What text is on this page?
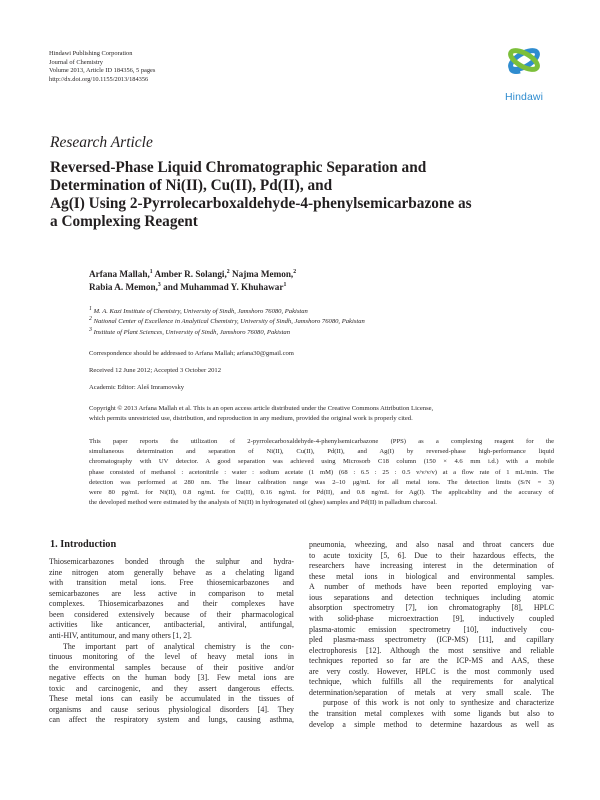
Hindawi Publishing Corporation
Journal of Chemistry
Volume 2013, Article ID 184356, 5 pages
http://dx.doi.org/10.1155/2013/184356
Hindawi
Research Article
Reversed-Phase Liquid Chromatographic Separation and
Determination of Ni(II), Cu(II), Pd(II), and
Ag(I) Using 2-Pyrrolecarboxaldehyde-4-phenylsemicarbazone as
a Complexing Reagent
Arfana Mallah,$^1$ Amber R. Solangi,$^2$ Najma Memon,$^2$
Rabia A. Memon,$^3$ and Muhammad Y. Khuhawar$^1$
$^1$ M. A. Kazi Institute of Chemistry, University of Sindh, Jamshoro 76080, Pakistan
$^2$ National Center of Excellence in Analytical Chemistry, University of Sindh, Jamshoro 76080, Pakistan
$^3$ Institute of Plant Sciences, University of Sindh, Jamshoro 76080, Pakistan
Correspondence should be addressed to Arfana Mallah; arfana30@gmail.com
Received 12 June 2012; Accepted 3 October 2012
Academic Editor: Aleš Imramovsky
Copyright © 2013 Arfana Mallah et al. This is an open access article distributed under the Creative Commons Attribution License,
which permits unrestricted use, distribution, and reproduction in any medium, provided the original work is properly cited.
This paper reports the utilization of 2-pyrrolecarboxaldehyde-4-phenylsemicarbazone (PPS) as a complexing reagent for the
simultaneous determination and separation of Ni(II), Cu(II), Pd(II), and Ag(I) by reversed-phase high-performance liquid
chromatography with UV detector. A good separation was achieved using Microsorb C18 column (150 × 4.6 mm i.d.) with a mobile
phase consisted of methanol : acetonitrile : water : sodium acetate (1 mM) (68 : 6.5 : 25 : 0.5 v/v/v/v) at a flow rate of 1 mL/min. The
detection was performed at 280 nm. The linear calibration range was 2–10 μg/mL for all metal ions. The detection limits (S/N = 3)
were 80 pg/mL for Ni(II), 0.8 ng/mL for Cu(II), 0.16 ng/mL for Pd(II), and 0.8 ng/mL for Ag(I). The applicability and the accuracy of
the developed method were estimated by the analysis of Ni(II) in hydrogenated oil (ghee) samples and Pd(II) in palladium charcoal.
1. Introduction
Thiosemicarbazones bonded through the sulphur and hydra-
zine nitrogen atom generally behave as a chelating ligand
with transition metal ions. Free thiosemicarbazones and
semicarbazones are less active in comparison to metal
complexes. Thiosemicarbazones and their complexes have
been considered extensively because of their pharmacological
activities like anticancer, antibacterial, antiviral, antifungal,
anti-HIV, antitumour, and many others [1, 2].
The important part of analytical chemistry is the con-
tinuous monitoring of the level of heavy metal ions in
the environmental samples because of their positive and/or
negative effects on the human body [3]. Few metal ions are
toxic and carcinogenic, and they assert dangerous effects.
These metal ions can easily be accumulated in the tissues of
organisms and cause serious physiological disorders [4]. They
can affect the respiratory system and lungs, causing asthma,
pneumonia, wheezing, and also nasal and throat cancers due
to acute toxicity [5, 6]. Due to their hazardous effects, the
researchers have increasing interest in the determination of
these metal ions in biological and environmental samples.
A number of methods have been reported employing var-
ious separations and detection techniques including atomic
absorption spectrometry [7], ion chromatography [8], HPLC
with solid-phase microextraction [9], inductively coupled
plasma-atomic emission spectrometry [10], inductively cou-
pled plasma-mass spectrometry (ICP-MS) [11], and capillary
electrophoresis [12]. Although the most sensitive and reliable
techniques reported so far are the ICP-MS and AAS, these
are very costly. However, HPLC is the most commonly used
technique, which fulfills all the requirements for analytical
determination/separation of metals at very small scale. The
purpose of this work is not only to synthesize and characterize
the transition metal complexes with some ligands but also to
develop a simple method to determine hazardous as well as
